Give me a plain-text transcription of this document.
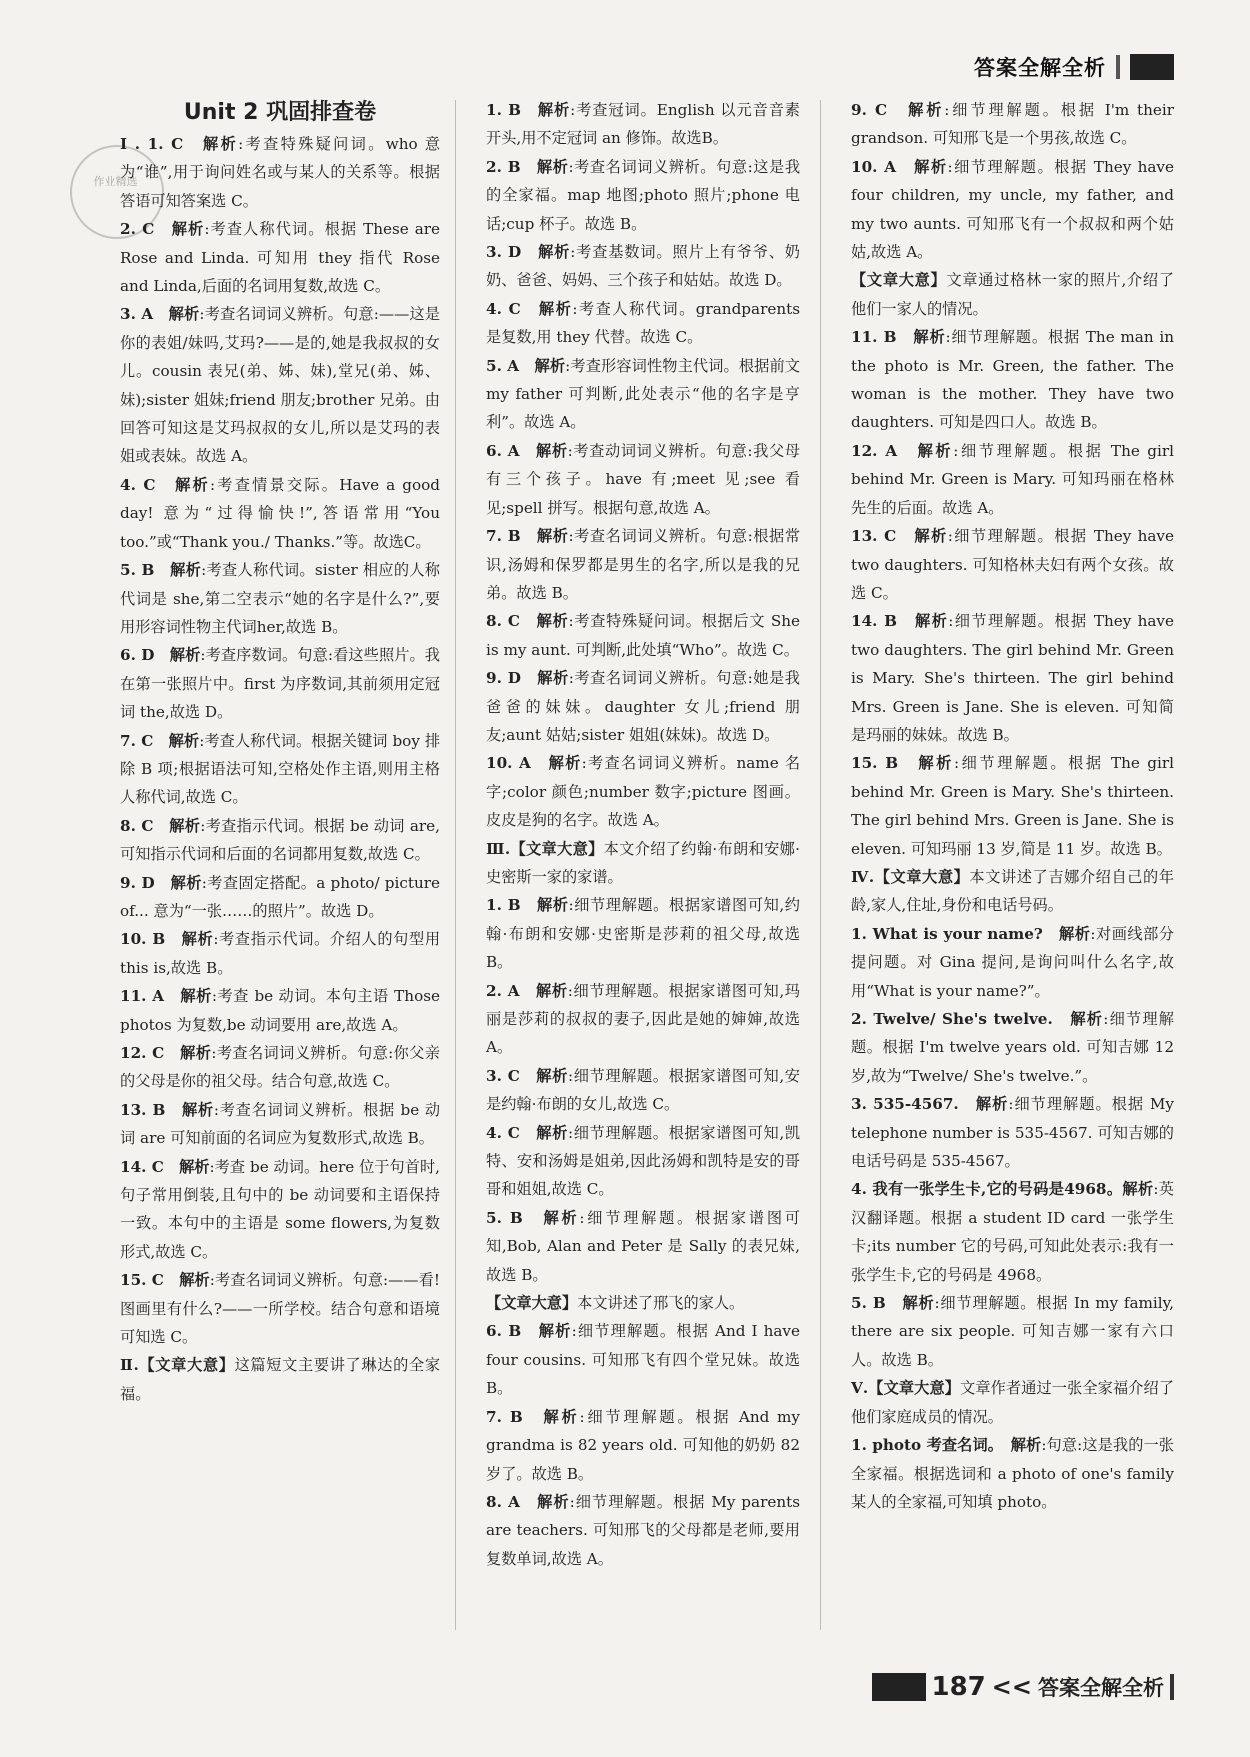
答案全解全析
作业精选
Unit 2 巩固排查卷

I . 1. C　解析:考查特殊疑问词。who 意为“谁”,用于询问姓名或与某人的关系等。根据答语可知答案选 C。

2. C　解析:考查人称代词。根据 These are Rose and Linda. 可知用 they 指代 Rose and Linda,后面的名词用复数,故选 C。

3. A　解析:考查名词词义辨析。句意:——这是你的表姐/妹吗,艾玛?——是的,她是我叔叔的女儿。cousin 表兄(弟、姊、妹),堂兄(弟、姊、妹);sister 姐妹;friend 朋友;brother 兄弟。由回答可知这是艾玛叔叔的女儿,所以是艾玛的表姐或表妹。故选 A。

4. C　解析:考查情景交际。Have a good day! 意为“过得愉快!”,答语常用“You too.”或“Thank you./ Thanks.”等。故选C。

5. B　解析:考查人称代词。sister 相应的人称代词是 she,第二空表示“她的名字是什么?”,要用形容词性物主代词her,故选 B。

6. D　解析:考查序数词。句意:看这些照片。我在第一张照片中。first 为序数词,其前须用定冠词 the,故选 D。

7. C　解析:考查人称代词。根据关键词 boy 排除 B 项;根据语法可知,空格处作主语,则用主格人称代词,故选 C。

8. C　解析:考查指示代词。根据 be 动词 are,可知指示代词和后面的名词都用复数,故选 C。

9. D　解析:考查固定搭配。a photo/ picture of... 意为“一张……的照片”。故选 D。

10. B　解析:考查指示代词。介绍人的句型用 this is,故选 B。

11. A　解析:考查 be 动词。本句主语 Those photos 为复数,be 动词要用 are,故选 A。

12. C　解析:考查名词词义辨析。句意:你父亲的父母是你的祖父母。结合句意,故选 C。

13. B　解析:考查名词词义辨析。根据 be 动词 are 可知前面的名词应为复数形式,故选 B。

14. C　解析:考查 be 动词。here 位于句首时,句子常用倒装,且句中的 be 动词要和主语保持一致。本句中的主语是 some flowers,为复数形式,故选 C。

15. C　解析:考查名词词义辨析。句意:——看!图画里有什么?——一所学校。结合句意和语境可知选 C。

Ⅱ.【文章大意】这篇短文主要讲了琳达的全家福。

1. B　解析:考查冠词。English 以元音音素开头,用不定冠词 an 修饰。故选B。

2. B　解析:考查名词词义辨析。句意:这是我的全家福。map 地图;photo 照片;phone 电话;cup 杯子。故选 B。

3. D　解析:考查基数词。照片上有爷爷、奶奶、爸爸、妈妈、三个孩子和姑姑。故选 D。

4. C　解析:考查人称代词。grandparents 是复数,用 they 代替。故选 C。

5. A　解析:考查形容词性物主代词。根据前文 my father 可判断,此处表示“他的名字是亨利”。故选 A。

6. A　解析:考查动词词义辨析。句意:我父母有三个孩子。have 有;meet 见;see 看见;spell 拼写。根据句意,故选 A。

7. B　解析:考查名词词义辨析。句意:根据常识,汤姆和保罗都是男生的名字,所以是我的兄弟。故选 B。

8. C　解析:考查特殊疑问词。根据后文 She is my aunt. 可判断,此处填“Who”。故选 C。

9. D　解析:考查名词词义辨析。句意:她是我爸爸的妹妹。daughter 女儿;friend 朋友;aunt 姑姑;sister 姐姐(妹妹)。故选 D。

10. A　解析:考查名词词义辨析。name 名字;color 颜色;number 数字;picture 图画。皮皮是狗的名字。故选 A。

Ⅲ.【文章大意】本文介绍了约翰·布朗和安娜·史密斯一家的家谱。

1. B　解析:细节理解题。根据家谱图可知,约翰·布朗和安娜·史密斯是莎莉的祖父母,故选 B。

2. A　解析:细节理解题。根据家谱图可知,玛丽是莎莉的叔叔的妻子,因此是她的婶婶,故选 A。

3. C　解析:细节理解题。根据家谱图可知,安是约翰·布朗的女儿,故选 C。

4. C　解析:细节理解题。根据家谱图可知,凯特、安和汤姆是姐弟,因此汤姆和凯特是安的哥哥和姐姐,故选 C。

5. B　解析:细节理解题。根据家谱图可知,Bob, Alan and Peter 是 Sally 的表兄妹,故选 B。

【文章大意】本文讲述了邢飞的家人。

6. B　解析:细节理解题。根据 And I have four cousins. 可知邢飞有四个堂兄妹。故选 B。

7. B　解析:细节理解题。根据 And my grandma is 82 years old. 可知他的奶奶 82 岁了。故选 B。

8. A　解析:细节理解题。根据 My parents are teachers. 可知邢飞的父母都是老师,要用复数单词,故选 A。

9. C　解析:细节理解题。根据 I'm their grandson. 可知邢飞是一个男孩,故选 C。

10. A　解析:细节理解题。根据 They have four children, my uncle, my father, and my two aunts. 可知邢飞有一个叔叔和两个姑姑,故选 A。

【文章大意】文章通过格林一家的照片,介绍了他们一家人的情况。

11. B　解析:细节理解题。根据 The man in the photo is Mr. Green, the father. The woman is the mother. They have two daughters. 可知是四口人。故选 B。

12. A　解析:细节理解题。根据 The girl behind Mr. Green is Mary. 可知玛丽在格林先生的后面。故选 A。

13. C　解析:细节理解题。根据 They have two daughters. 可知格林夫妇有两个女孩。故选 C。

14. B　解析:细节理解题。根据 They have two daughters. The girl behind Mr. Green is Mary. She's thirteen. The girl behind Mrs. Green is Jane. She is eleven. 可知简是玛丽的妹妹。故选 B。

15. B　解析:细节理解题。根据 The girl behind Mr. Green is Mary. She's thirteen. The girl behind Mrs. Green is Jane. She is eleven. 可知玛丽 13 岁,简是 11 岁。故选 B。

Ⅳ.【文章大意】本文讲述了吉娜介绍自己的年龄,家人,住址,身份和电话号码。

1. What is your name?　解析:对画线部分提问题。对 Gina 提问,是询问叫什么名字,故用“What is your name?”。

2. Twelve/ She's twelve.　解析:细节理解题。根据 I'm twelve years old. 可知吉娜 12 岁,故为“Twelve/ She's twelve.”。

3. 535-4567.　解析:细节理解题。根据 My telephone number is 535-4567. 可知吉娜的电话号码是 535-4567。

4. 我有一张学生卡,它的号码是4968。解析:英汉翻译题。根据 a student ID card 一张学生卡;its number 它的号码,可知此处表示:我有一张学生卡,它的号码是 4968。

5. B　解析:细节理解题。根据 In my family, there are six people. 可知吉娜一家有六口人。故选 B。

Ⅴ.【文章大意】文章作者通过一张全家福介绍了他们家庭成员的情况。

1. photo 考查名词。　解析:句意:这是我的一张全家福。根据选词和 a photo of one's family 某人的全家福,可知填 photo。

187 << 答案全解全析
